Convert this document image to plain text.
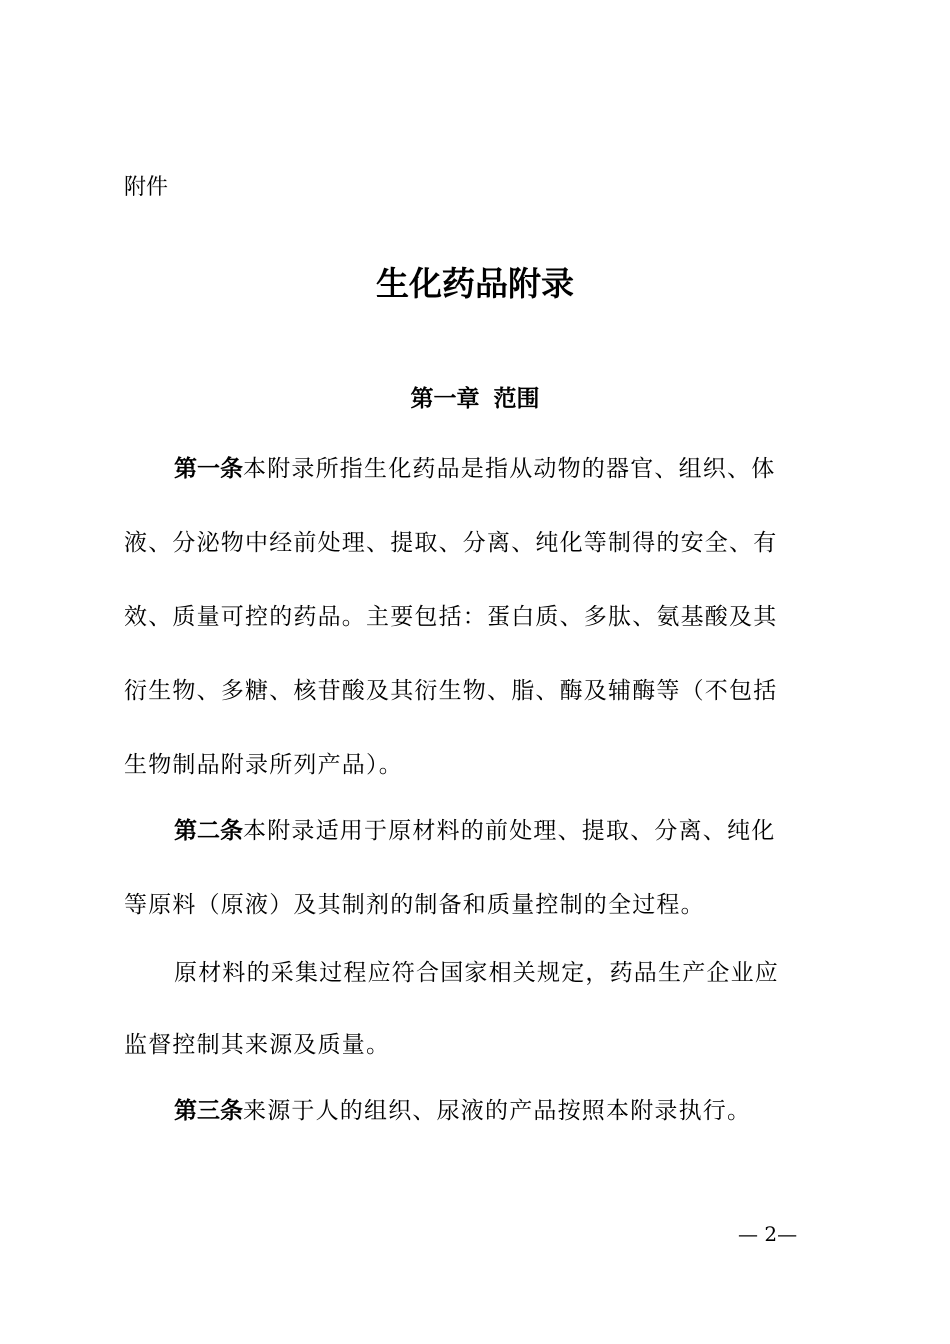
附件
生化药品附录
第一章 范围
第一条本附录所指生化药品是指从动物的器官、组织、体
液、分泌物中经前处理、提取、分离、纯化等制得的安全、有
效、质量可控的药品。主要包括：蛋白质、多肽、氨基酸及其
衍生物、多糖、核苷酸及其衍生物、脂、酶及辅酶等（不包括
生物制品附录所列产品）。
第二条本附录适用于原材料的前处理、提取、分离、纯化
等原料（原液）及其制剂的制备和质量控制的全过程。
原材料的采集过程应符合国家相关规定，药品生产企业应
监督控制其来源及质量。
第三条来源于人的组织、尿液的产品按照本附录执行。
— 2—
